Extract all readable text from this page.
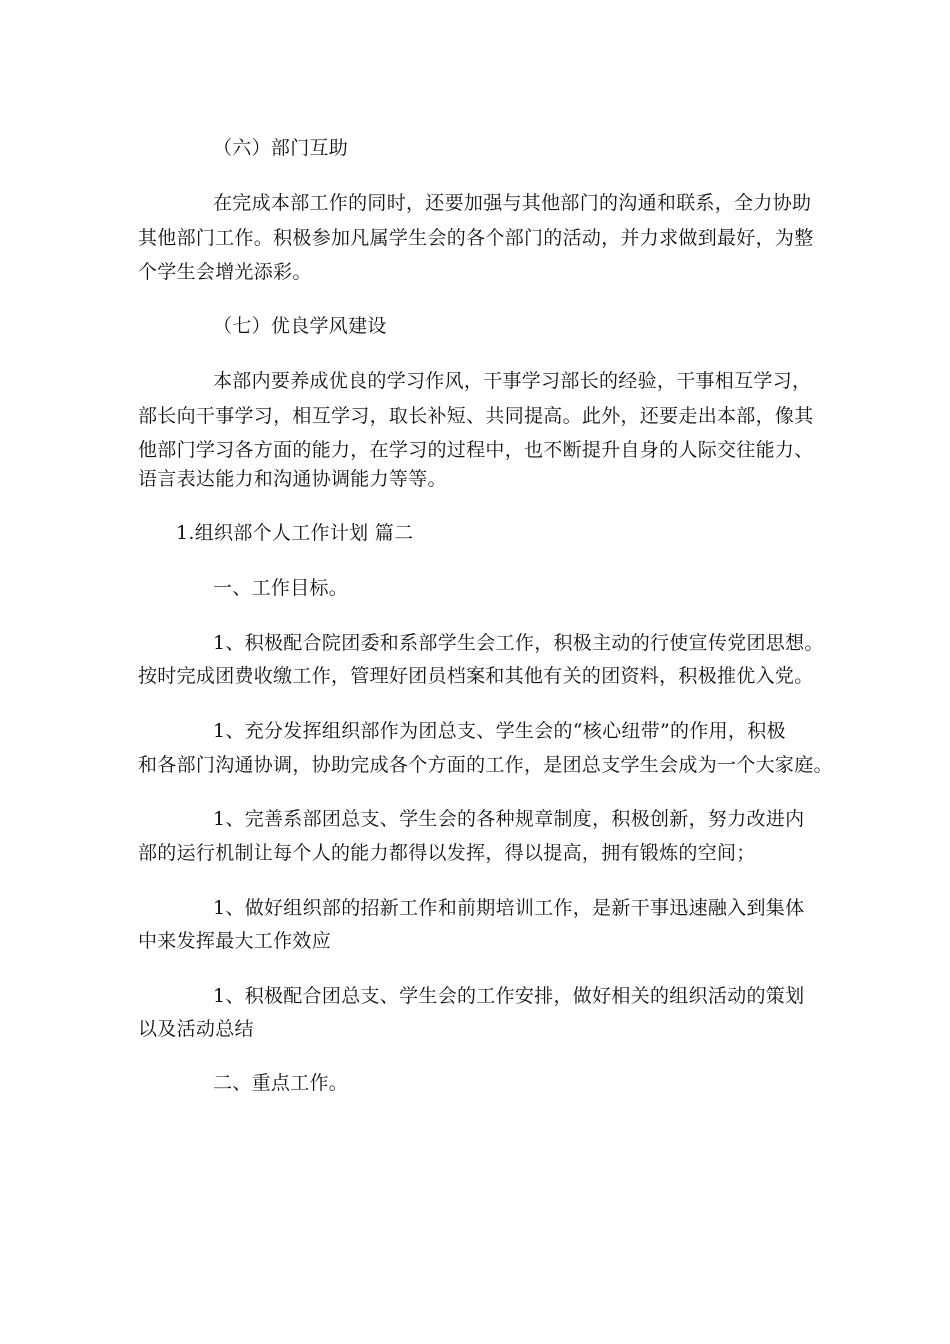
（六）部门互助
在完成本部工作的同时，还要加强与其他部门的沟通和联系，全力协助
其他部门工作。积极参加凡属学生会的各个部门的活动，并力求做到最好，为整
个学生会增光添彩。
（七）优良学风建设
本部内要养成优良的学习作风，干事学习部长的经验，干事相互学习，
部长向干事学习，相互学习，取长补短、共同提高。此外，还要走出本部，像其
他部门学习各方面的能力，在学习的过程中，也不断提升自身的人际交往能力、
语言表达能力和沟通协调能力等等。
1.组织部个人工作计划 篇二
一、工作目标。
1、积极配合院团委和系部学生会工作，积极主动的行使宣传党团思想。
按时完成团费收缴工作，管理好团员档案和其他有关的团资料，积极推优入党。
1、充分发挥组织部作为团总支、学生会的“核心纽带”的作用，积极
和各部门沟通协调，协助完成各个方面的工作，是团总支学生会成为一个大家庭。
1、完善系部团总支、学生会的各种规章制度，积极创新，努力改进内
部的运行机制让每个人的能力都得以发挥，得以提高，拥有锻炼的空间；
1、做好组织部的招新工作和前期培训工作，是新干事迅速融入到集体
中来发挥最大工作效应
1、积极配合团总支、学生会的工作安排，做好相关的组织活动的策划
以及活动总结
二、重点工作。
